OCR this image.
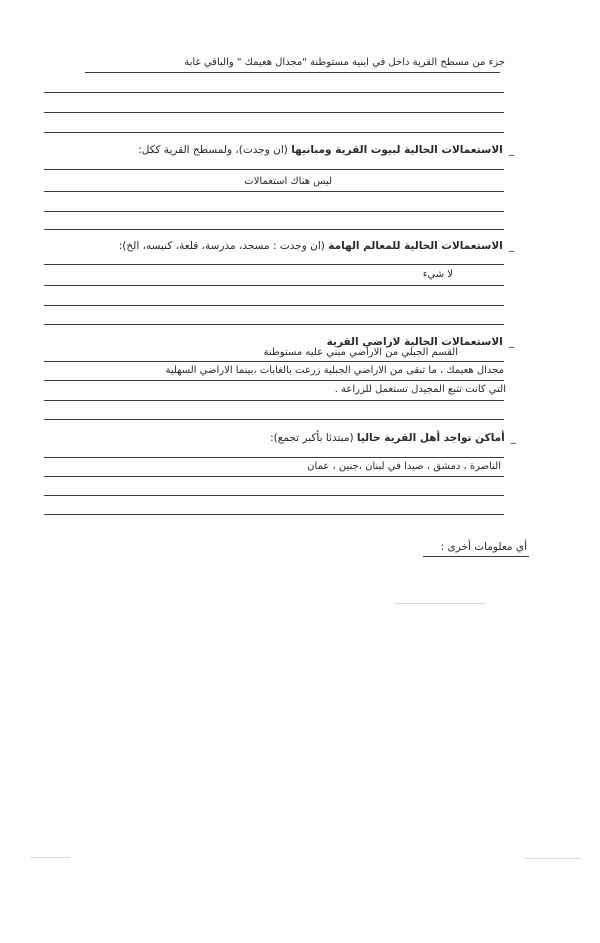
جزء من مسطح القرية داخل في ابنية مستوطنة "مجدال هعيمك " والباقي غابة
_الاستعمالات الحالية لبيوت القرية ومبانيها (ان وجدت)، ولمسطح القرية ككل:
ليس هناك استعمالات
_الاستعمالات الحالية للمعالم الهامة (ان وجدت : مسجد، مدرسة، قلعة، كنيسه، الخ):
لا شيء
_الاستعمالات الحالية لاراضي القرية
القسم الجبلي من الاراضي مبني عليه مستوطنة
مجدال هعيمك ، ما تبقى من الاراضي الجبلية زرعت بالغابات ،بينما الاراضي السهلية
التي كانت تتبع المجيدل تستعمل للزراعة .
_أماكن تواجد أهل القرية حاليا (مبتدئا بأكبر تجمع):
الناصرة ، دمشق ، صيدا في لبنان ،جنين ، عمان
أي معلومات أخرى :
